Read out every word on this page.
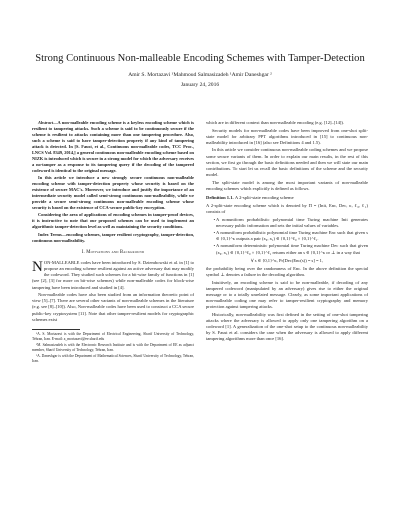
Strong Continuous Non-malleable Encoding Schemes with Tamper-Detection
Amir S. Mortazavi ¹Mahmoud Salmasizadeh ¹Amir Daneshgar ²
January 24, 2016

Abstract—A non-malleable encoding scheme is a keyless encoding scheme which is resilient to tampering attacks. Such a scheme is said to be continuously secure if the scheme is resilient to attacks containing more than one tampering procedure. Also, such a scheme is said to have tamper-detection property if any kind of tampering attack is detected. In [S. Faust, et al., Continuous non-malleable codes, TCC Proc., LNCS Vol. 8349, 2014,] a general continuous non-malleable encoding scheme based on NIZK is introduced which is secure in a strong model for which the adversary receives a no-tamper as a response to its tampering query if the decoding of the tampered codeword is identical to the original message.

In this article we introduce a new strongly secure continuous non-malleable encoding scheme with tamper-detection property whose security is based on the existence of secure MAC's. Moreover, we introduce and justify the importance of an intermediate security model called semi-strong continuous non-malleability, while we provide a secure semi-strong continuous non-malleable encoding scheme whose security is based on the existence of CCA-secure public-key encryption.

Considering the area of applications of encoding schemes in tamper-proof devices, it is instructive to note that our proposed schemes can be used to implement an algorithmic tamper-detection level as well as maintaining the security conditions.

Index Terms—encoding schemes, tamper resilient cryptography, tamper-detection, continuous non-malleability.

I. Motivations and Background

NON-MALLEABLE codes have been introduced by S. Dziembowski et al. in [1] to propose an encoding scheme resilient against an active adversary that may modify the codeword. They studied such schemes for a bit-wise family of functions in [1] (see [2], [3] for more on bit-wise schemes) while non-malleable codes for block-wise tampering have been introduced and studied in [4].

Non-malleable codes have also been studied from an information theoretic point of view [5]–[7]. There are several other variants of non-malleable schemes in the literature (e.g. see [8]–[10]). Also, Non-malleable codes have been used to construct a CCA secure public-key cryptosystem [11]. Note that other tamper-resilient models for cryptographic schemes exist

¹A. S. Mortazavi is with the Department of Electrical Engineering, Sharif University of Technology, Tehran, Iran. E-mail: a_mortazavi@ee.sharif.edu

¹M. Salmasizadeh is with the Electronic Research Institute and is with the Department of EE as adjunct member, Sharif University of Technology, Tehran, Iran.

²A. Daneshgar is with the Department of Mathematical Sciences, Sharif University of Technology, Tehran, Iran.

which are in different context than non-malleable encoding (e.g. [12]–[14]).

Security models for non-malleable codes have been improved from one-shot split-state model for arbitrary PPT algorithms introduced in [15] to continuous non-malleability introduced in [16] (also see Definitions 4 and 1.5).

In this article we consider continuous non-malleable coding schemes and we propose some secure variants of them. In order to explain our main results, in the rest of this section, we first go through the basic definitions needed and then we will state our main contributions. To start let us recall the basic definitions of the scheme and the security model.

The split-state model is among the most important variants of non-malleable encoding schemes which explicitly is defined as follows.

Definition 1.1. A 2-split-state encoding scheme

A 2-split-state encoding scheme which is denoted by Π = (Init, Enc, Dec, κ, ℓ₀, ℓ₁) consists of

• A nonuniform probabilistic polynomial time Turing machine Init generates necessary public information and sets the initial values of variables.
• A nonuniform probabilistic polynomial time Turing machine Enc such that given s ∈ {0,1}^κ outputs a pair (x₀, x₁) ∈ {0,1}^ℓ₀ × {0,1}^ℓ₁.
• A nonuniform deterministic polynomial time Turing machine Dec such that given (x₀, x₁) ∈ {0,1}^ℓ₀ × {0,1}^ℓ₁ returns either an s ∈ {0,1}^κ or ⊥ in a way that
∀ s ∈ {0,1}^κ, Pr[Dec(Enc(s)) = s] = 1,

the probability being over the randomness of Enc. In the above definition the special symbol ⊥ denotes a failure in the decoding algorithm.

Intuitively, an encoding scheme is said to be non-malleable, if decoding of any tampered codeword (manipulated by an adversary) gives rise to either the original message or to a totally unrelated message. Clearly, as some important applications of non-malleable coding one may refer to tamper-resilient cryptography and memory protection against tampering attacks.

Historically, non-malleability was first defined in the setting of one-shot tampering attacks where the adversary is allowed to apply only one tampering algorithm on a codeword [1]. A generalization of the one-shot setup to the continuous non-malleability by S. Faust et al. considers the case when the adversary is allowed to apply different tampering algorithms more than once [16].
